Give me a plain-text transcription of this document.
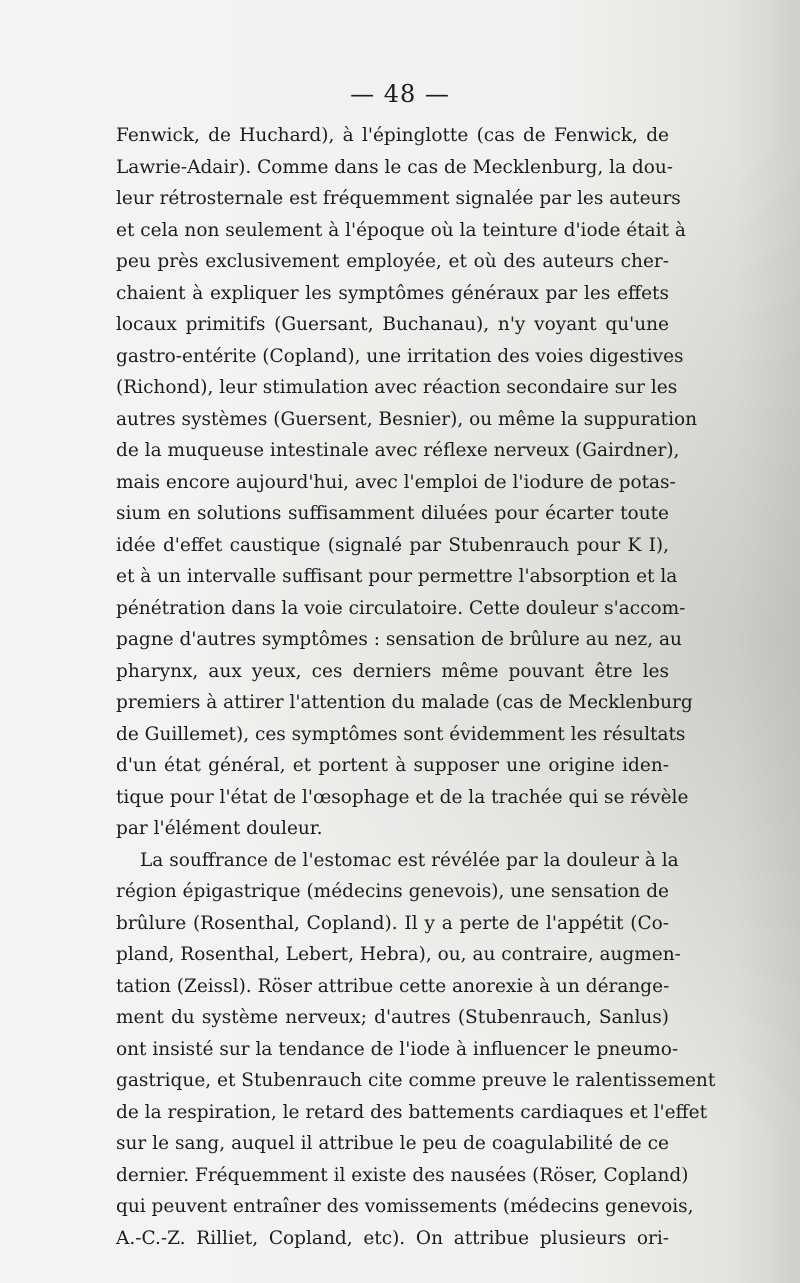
— 48 —
Fenwick, de Huchard), à l'épinglotte (cas de Fenwick, de
Lawrie-Adair). Comme dans le cas de Mecklenburg, la dou-
leur rétrosternale est fréquemment signalée par les auteurs
et cela non seulement à l'époque où la teinture d'iode était à
peu près exclusivement employée, et où des auteurs cher-
chaient à expliquer les symptômes généraux par les effets
locaux primitifs (Guersant, Buchanau), n'y voyant qu'une
gastro-entérite (Copland), une irritation des voies digestives
(Richond), leur stimulation avec réaction secondaire sur les
autres systèmes (Guersent, Besnier), ou même la suppuration
de la muqueuse intestinale avec réflexe nerveux (Gairdner),
mais encore aujourd'hui, avec l'emploi de l'iodure de potas-
sium en solutions suffisamment diluées pour écarter toute
idée d'effet caustique (signalé par Stubenrauch pour K I),
et à un intervalle suffisant pour permettre l'absorption et la
pénétration dans la voie circulatoire. Cette douleur s'accom-
pagne d'autres symptômes : sensation de brûlure au nez, au
pharynx, aux yeux, ces derniers même pouvant être les
premiers à attirer l'attention du malade (cas de Mecklenburg
de Guillemet), ces symptômes sont évidemment les résultats
d'un état général, et portent à supposer une origine iden-
tique pour l'état de l'œsophage et de la trachée qui se révèle
par l'élément douleur.
La souffrance de l'estomac est révélée par la douleur à la
région épigastrique (médecins genevois), une sensation de
brûlure (Rosenthal, Copland). Il y a perte de l'appétit (Co-
pland, Rosenthal, Lebert, Hebra), ou, au contraire, augmen-
tation (Zeissl). Röser attribue cette anorexie à un dérange-
ment du système nerveux; d'autres (Stubenrauch, Sanlus)
ont insisté sur la tendance de l'iode à influencer le pneumo-
gastrique, et Stubenrauch cite comme preuve le ralentissement
de la respiration, le retard des battements cardiaques et l'effet
sur le sang, auquel il attribue le peu de coagulabilité de ce
dernier. Fréquemment il existe des nausées (Röser, Copland)
qui peuvent entraîner des vomissements (médecins genevois,
A.-C.-Z. Rilliet, Copland, etc). On attribue plusieurs ori-
